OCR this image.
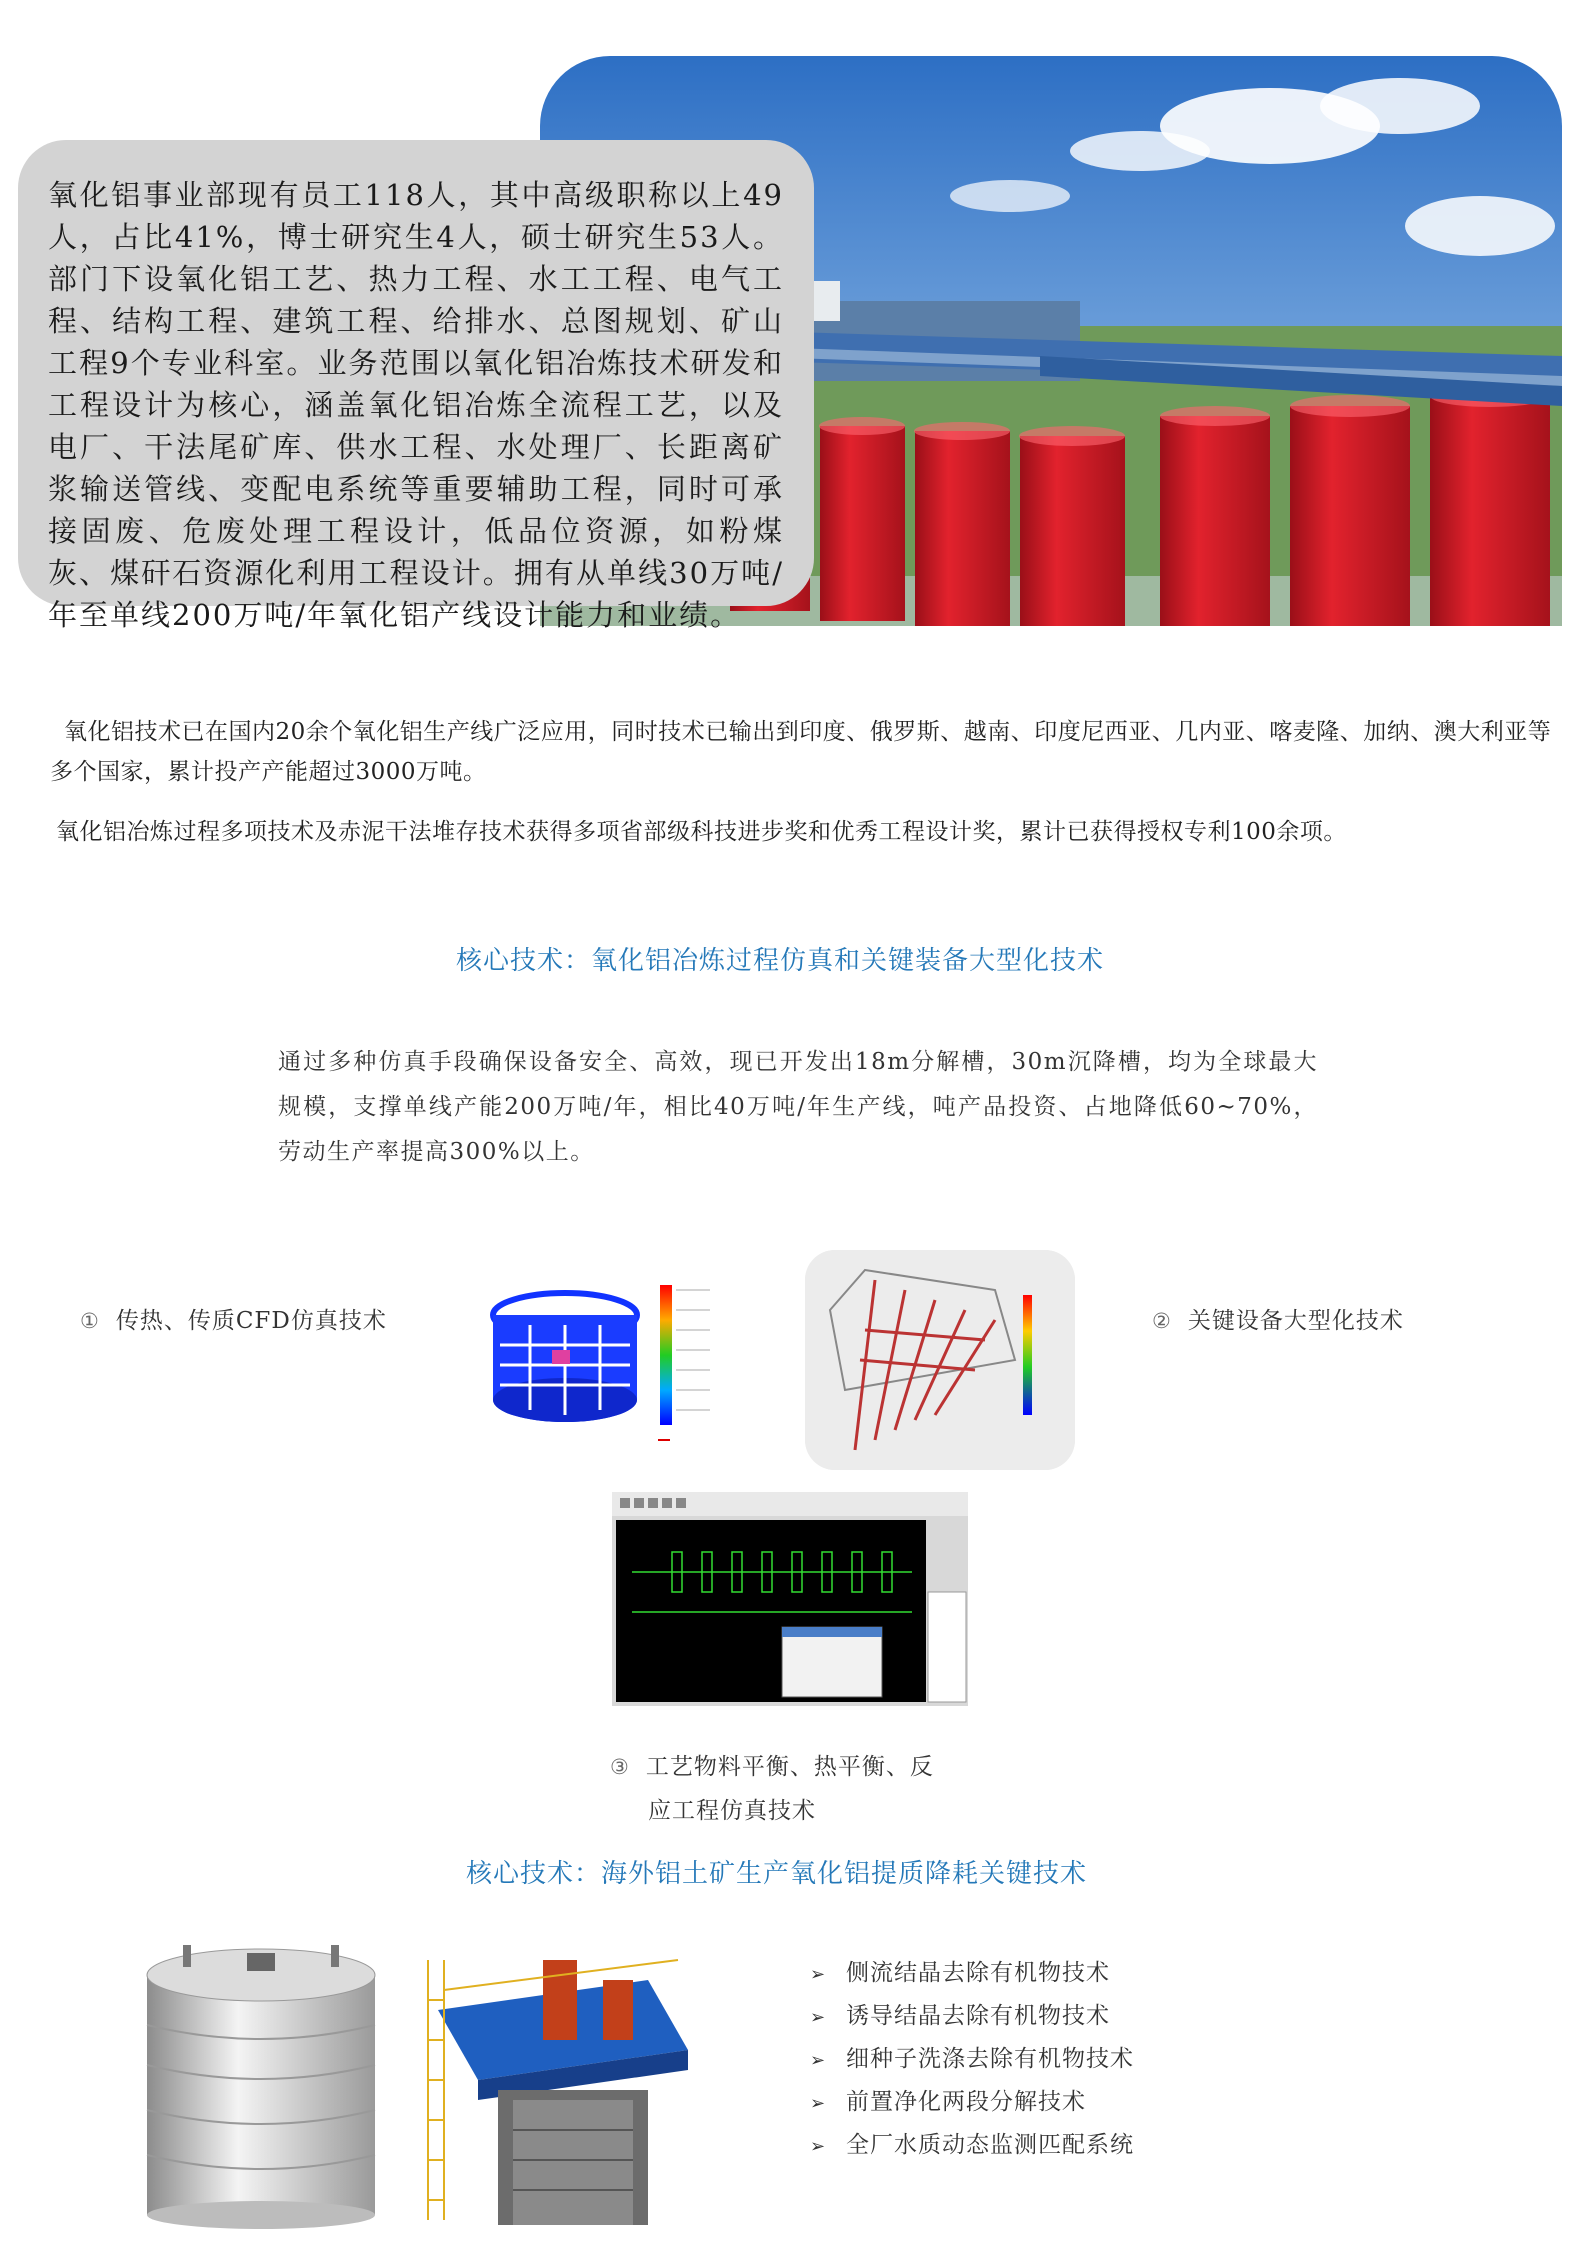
氧化铝事业部现有员工118人，其中高级职称以上49人，占比41%，博士研究生4人，硕士研究生53人。部门下设氧化铝工艺、热力工程、水工工程、电气工程、结构工程、建筑工程、给排水、总图规划、矿山工程9个专业科室。业务范围以氧化铝冶炼技术研发和工程设计为核心，涵盖氧化铝冶炼全流程工艺，以及电厂、干法尾矿库、供水工程、水处理厂、长距离矿浆输送管线、变配电系统等重要辅助工程，同时可承接固废、危废处理工程设计，低品位资源，如粉煤灰、煤矸石资源化利用工程设计。拥有从单线30万吨/年至单线200万吨/年氧化铝产线设计能力和业绩。
氧化铝技术已在国内20余个氧化铝生产线广泛应用，同时技术已输出到印度、俄罗斯、越南、印度尼西亚、几内亚、喀麦隆、加纳、澳大利亚等多个国家，累计投产产能超过3000万吨。
氧化铝冶炼过程多项技术及赤泥干法堆存技术获得多项省部级科技进步奖和优秀工程设计奖，累计已获得授权专利100余项。
核心技术：氧化铝冶炼过程仿真和关键装备大型化技术
通过多种仿真手段确保设备安全、高效，现已开发出18m分解槽，30m沉降槽，均为全球最大规模，支撑单线产能200万吨/年，相比40万吨/年生产线，吨产品投资、占地降低60~70%，劳动生产率提高300%以上。
① 传热、传质CFD仿真技术	② 关键设备大型化技术
③ 工艺物料平衡、热平衡、反
应工程仿真技术
核心技术：海外铝土矿生产氧化铝提质降耗关键技术
➢ 侧流结晶去除有机物技术
➢ 诱导结晶去除有机物技术
➢ 细种子洗涤去除有机物技术
➢ 前置净化两段分解技术
➢ 全厂水质动态监测匹配系统
